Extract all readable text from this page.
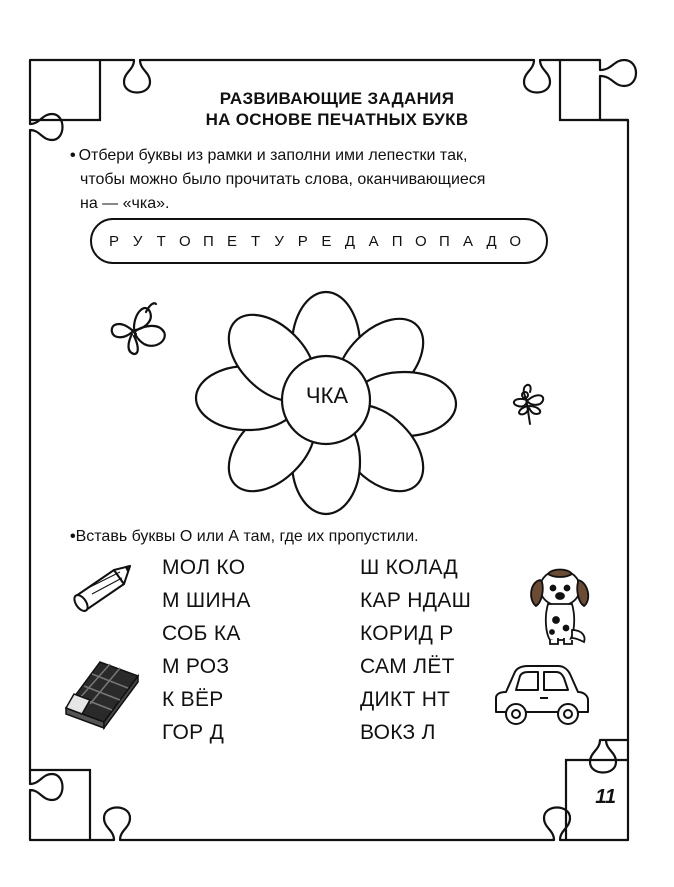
РАЗВИВАЮЩИЕ ЗАДАНИЯ
НА ОСНОВЕ ПЕЧАТНЫХ БУКВ
• Отбери буквы из рамки и заполни ими лепестки так,
чтобы можно было прочитать слова, оканчивающиеся
на — «чка».
Р У Т О П Е Т У Р Е Д А П О П А Д О
ЧКА
•Вставь буквы О или А там, где их пропустили.
МОЛ КО
М ШИНА
СОБ КА
М РОЗ
К ВЁР
ГОР Д
Ш КОЛАД
КАР НДАШ
КОРИД Р
САМ ЛЁТ
ДИКТ НТ
ВОКЗ Л
11
